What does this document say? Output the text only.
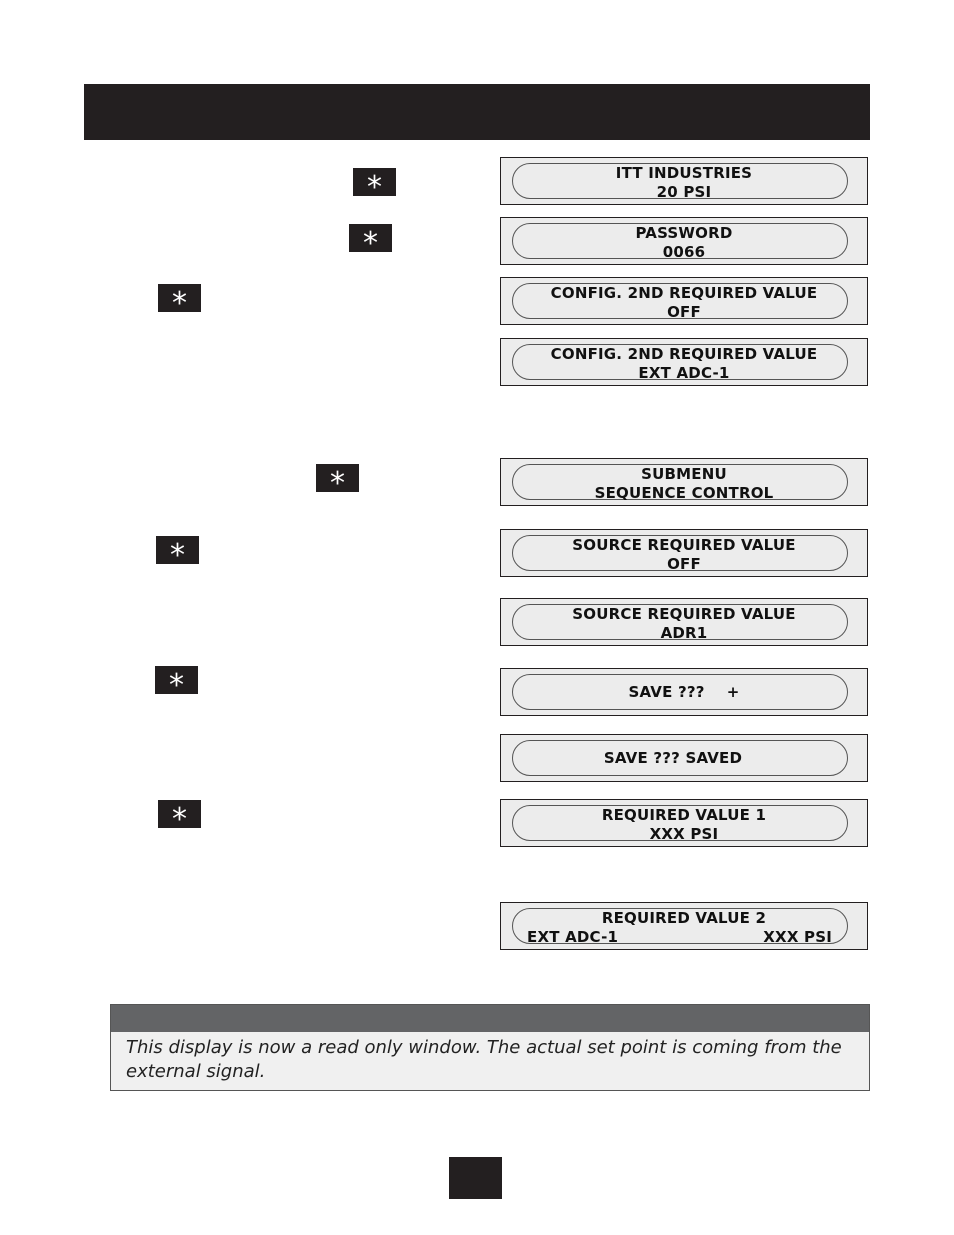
*
*
*
*
*
*
*
ITT INDUSTRIES
20 PSI
PASSWORD
0066
CONFIG. 2ND REQUIRED VALUE
OFF
CONFIG. 2ND REQUIRED VALUE
EXT ADC-1
SUBMENU
SEQUENCE CONTROL
SOURCE REQUIRED VALUE
OFF
SOURCE REQUIRED VALUE
ADR1
SAVE ??? +
SAVE ??? SAVED
REQUIRED VALUE 1
XXX PSI
REQUIRED VALUE 2
EXT ADC-1	XXX PSI
This display is now a read only window. The actual set point is coming from the external signal.
